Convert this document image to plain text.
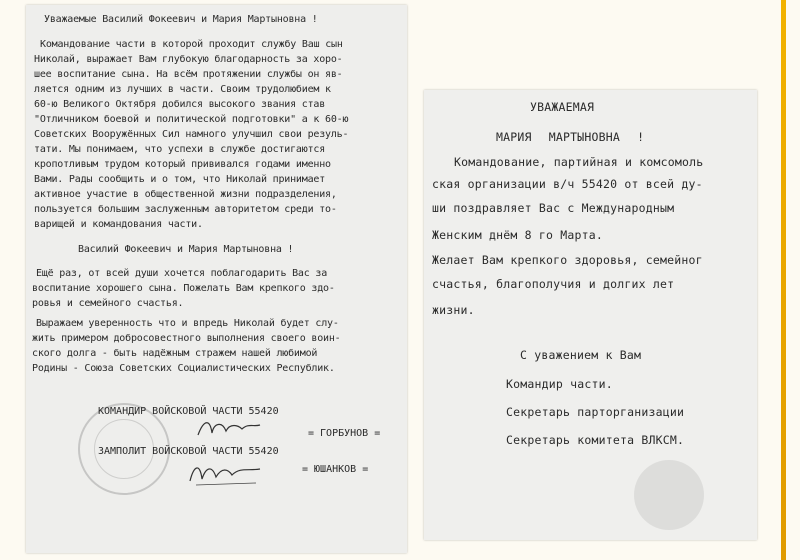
Уважаемые Василий Фокеевич и Мария Мартыновна !
Командование части в которой проходит службу Ваш сын
Николай, выражает Вам глубокую благодарность за хоро-
шее воспитание сына. На всём протяжении службы он яв-
ляется одним из лучших в части. Своим трудолюбием к
60-ю Великого Октября добился высокого звания став
"Отличником боевой и политической подготовки" а к 60-ю
Советских Вооружённых Сил намного улучшил свои резуль-
тати. Мы понимаем, что успехи в службе достигаются
кропотливым трудом который прививался годами именно
Вами. Рады сообщить и о том, что Николай принимает
активное участие в общественной жизни подразделения,
пользуется большим заслуженным авторитетом среди то-
варищей и командования части.
Василий Фокеевич и Мария Мартыновна !
Ещё раз, от всей души хочется поблагодарить Вас за
воспитание хорошего сына. Пожелать Вам крепкого здо-
ровья и семейного счастья.
Выражаем уверенность что и впредь Николай будет слу-
жить примером добросовестного выполнения своего воин-
ского долга - быть надёжным стражем нашей любимой
Родины - Союза Советских Социалистических Республик.
КОМАНДИР ВОЙСКОВОЙ ЧАСТИ 55420
= ГОРБУНОВ =
ЗАМПОЛИТ ВОЙСКОВОЙ ЧАСТИ 55420
= ЮШАНКОВ =
УВАЖАЕМАЯ
МАРИЯ МАРТЫНОВНА !
Командование, партийная и комсомоль
ская организации в/ч 55420 от всей ду-
ши поздравляет Вас с Международным
Женским днём 8 го Марта.
Желает Вам крепкого здоровья, семейног
счастья, благополучия и долгих лет
жизни.
С уважением к Вам
Командир части.
Секретарь парторганизации
Секретарь комитета ВЛКСМ.
